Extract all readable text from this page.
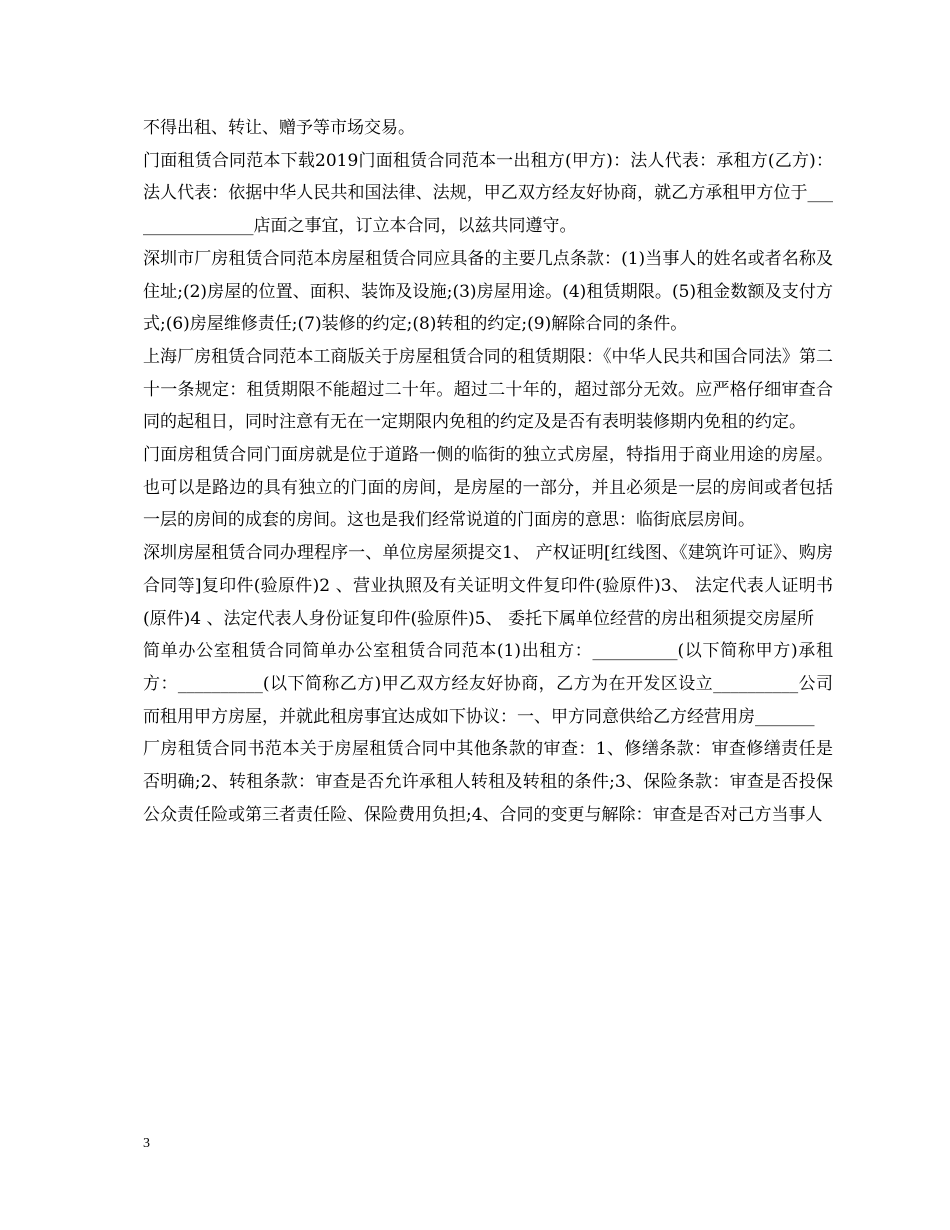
不得出租、转让、赠予等市场交易。

门面租赁合同范本下载2019门面租赁合同范本一出租方(甲方)：法人代表：承租方(乙方)：法人代表：依据中华人民共和国法律、法规，甲乙双方经友好协商，就乙方承租甲方位于________________店面之事宜，订立本合同，以兹共同遵守。

深圳市厂房租赁合同范本房屋租赁合同应具备的主要几点条款：(1)当事人的姓名或者名称及住址;(2)房屋的位置、面积、装饰及设施;(3)房屋用途。(4)租赁期限。(5)租金数额及支付方式;(6)房屋维修责任;(7)装修的约定;(8)转租的约定;(9)解除合同的条件。

上海厂房租赁合同范本工商版关于房屋租赁合同的租赁期限：《中华人民共和国合同法》第二十一条规定：租赁期限不能超过二十年。超过二十年的，超过部分无效。应严格仔细审查合同的起租日，同时注意有无在一定期限内免租的约定及是否有表明装修期内免租的约定。

门面房租赁合同门面房就是位于道路一侧的临街的独立式房屋，特指用于商业用途的房屋。也可以是路边的具有独立的门面的房间，是房屋的一部分，并且必须是一层的房间或者包括一层的房间的成套的房间。这也是我们经常说道的门面房的意思：临街底层房间。

深圳房屋租赁合同办理程序一、单位房屋须提交1、 产权证明[红线图、《建筑许可证》、购房合同等]复印件(验原件)2 、营业执照及有关证明文件复印件(验原件)3、 法定代表人证明书(原件)4 、法定代表人身份证复印件(验原件)5、 委托下属单位经营的房出租须提交房屋所

简单办公室租赁合同简单办公室租赁合同范本(1)出租方：__________(以下简称甲方)承租方：__________(以下简称乙方)甲乙双方经友好协商，乙方为在开发区设立__________公司而租用甲方房屋，并就此租房事宜达成如下协议：一、甲方同意供给乙方经营用房_______

厂房租赁合同书范本关于房屋租赁合同中其他条款的审查：1、修缮条款：审查修缮责任是否明确;2、转租条款：审查是否允许承租人转租及转租的条件;3、保险条款：审查是否投保公众责任险或第三者责任险、保险费用负担;4、合同的变更与解除：审查是否对己方当事人

3
